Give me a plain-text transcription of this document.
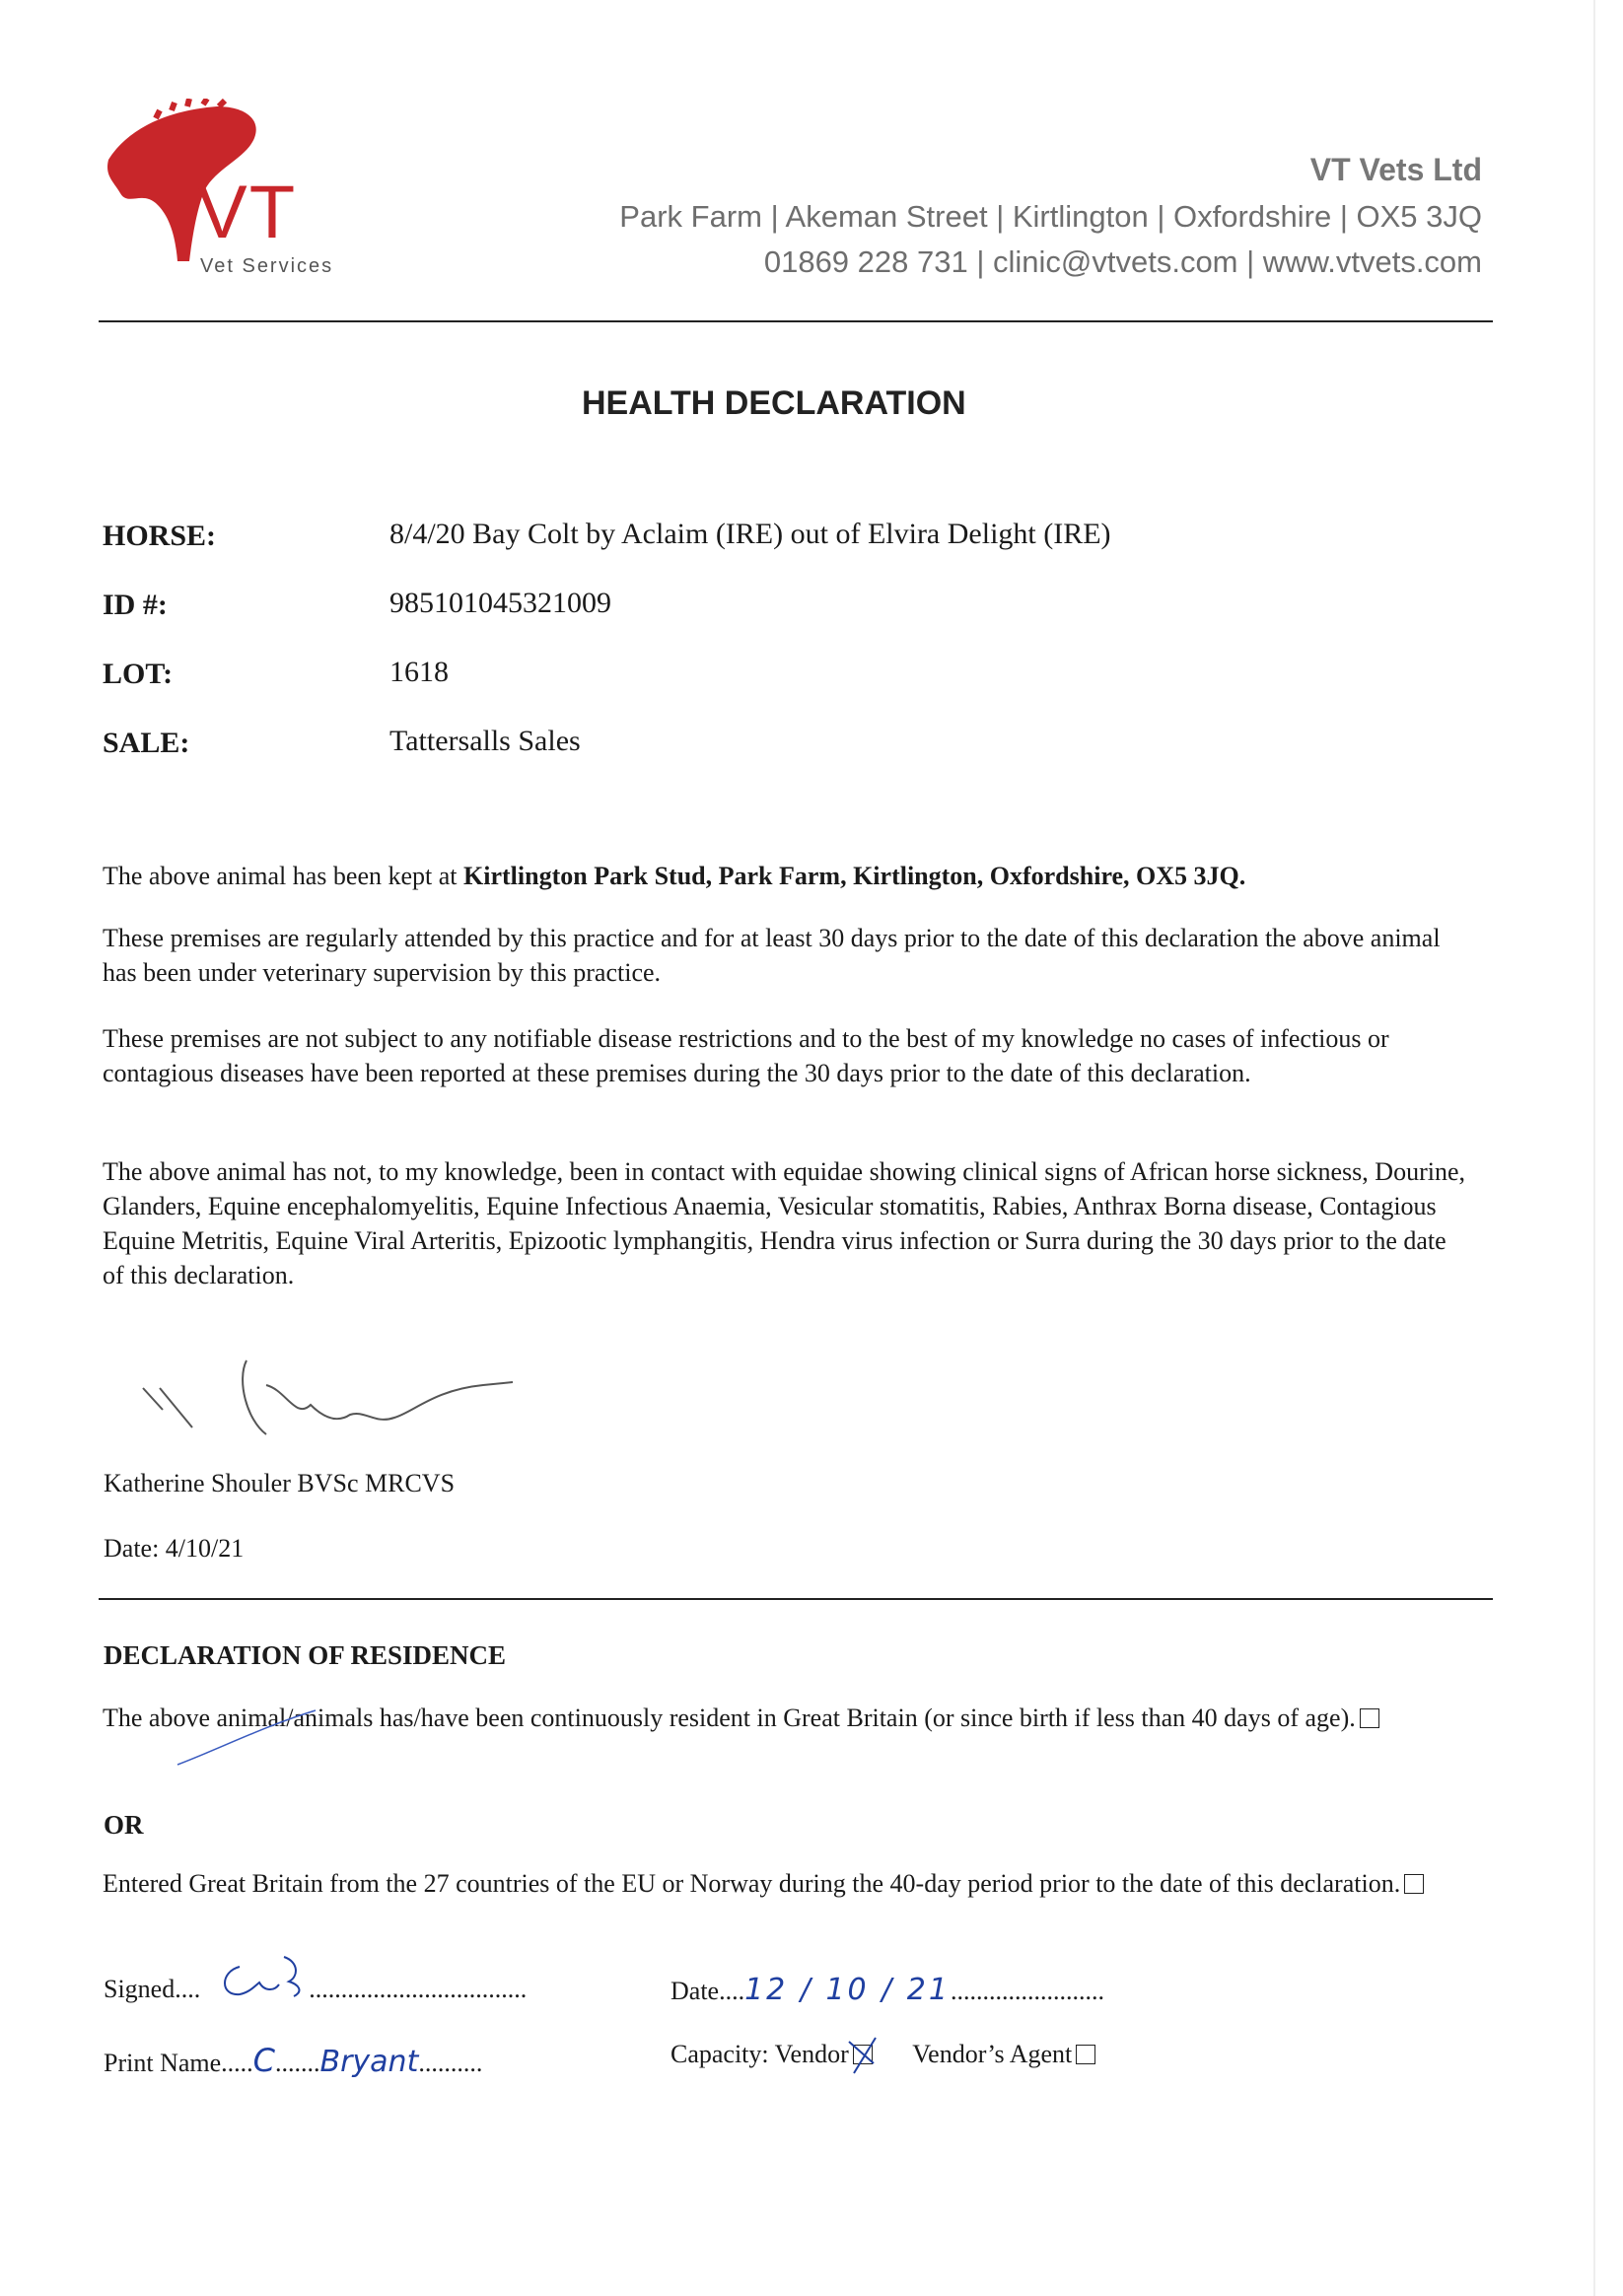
VT
Vet Services
VT Vets Ltd
Park Farm | Akeman Street | Kirtlington | Oxfordshire | OX5 3JQ
01869 228 731 | clinic@vtvets.com | www.vtvets.com
HEALTH DECLARATION
HORSE:	8/4/20 Bay Colt by Aclaim (IRE) out of Elvira Delight (IRE)
ID #:	985101045321009
LOT:	1618
SALE:	Tattersalls Sales
The above animal has been kept at Kirtlington Park Stud, Park Farm, Kirtlington, Oxfordshire, OX5 3JQ.
These premises are regularly attended by this practice and for at least 30 days prior to the date of this declaration the above animal has been under veterinary supervision by this practice.
These premises are not subject to any notifiable disease restrictions and to the best of my knowledge no cases of infectious or contagious diseases have been reported at these premises during the 30 days prior to the date of this declaration.
The above animal has not, to my knowledge, been in contact with equidae showing clinical signs of African horse sickness, Dourine, Glanders, Equine encephalomyelitis, Equine Infectious Anaemia, Vesicular stomatitis, Rabies, Anthrax Borna disease, Contagious Equine Metritis, Equine Viral Arteritis, Epizootic lymphangitis, Hendra virus infection or Surra during the 30 days prior to the date of this declaration.
Katherine Shouler BVSc MRCVS
Date: 4/10/21
DECLARATION OF RESIDENCE
The above animal/animals has/have been continuously resident in Great Britain (or since birth if less than 40 days of age).
OR
Entered Great Britain from the 27 countries of the EU or Norway during the 40-day period prior to the date of this declaration.
Signed....	..................................	Date....12 / 10 / 21........................
Print Name.....C.......Bryant..........	Capacity: Vendor Vendor’s Agent
